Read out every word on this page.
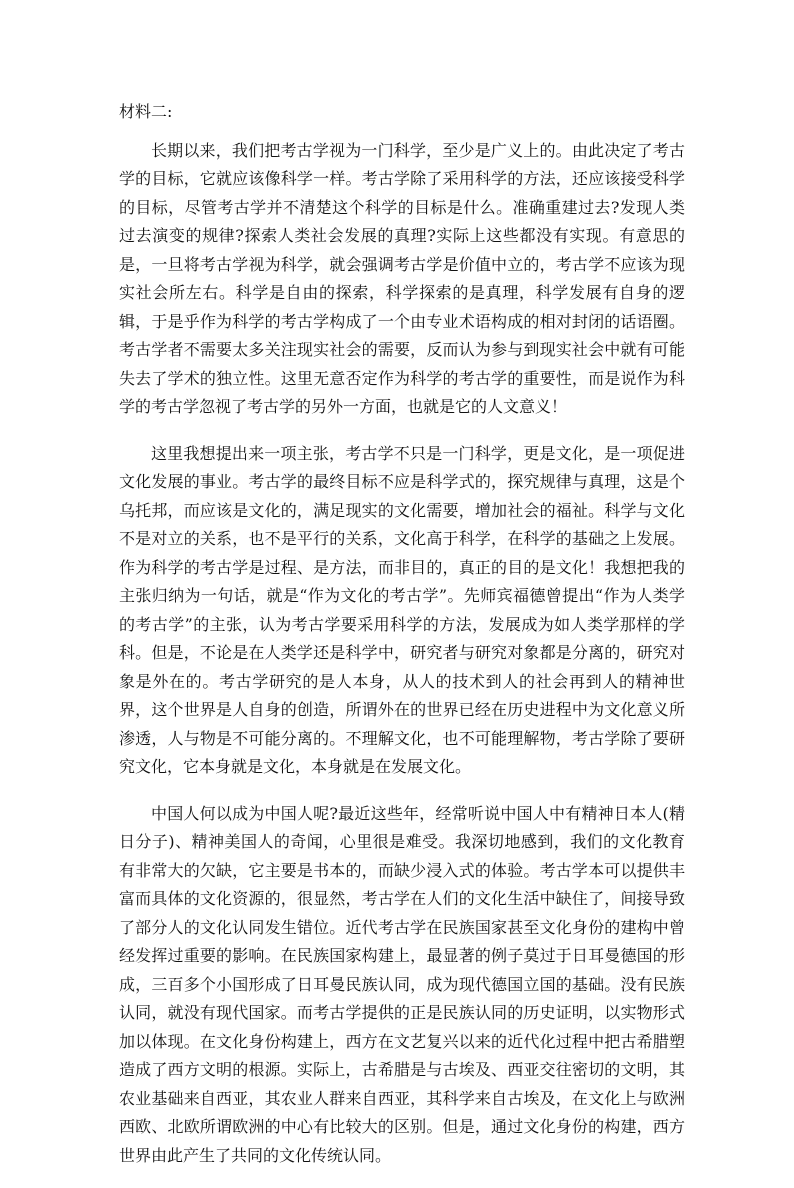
材料二:

长期以来，我们把考古学视为一门科学，至少是广义上的。由此决定了考古学的目标，它就应该像科学一样。考古学除了采用科学的方法，还应该接受科学的目标，尽管考古学并不清楚这个科学的目标是什么。准确重建过去?发现人类过去演变的规律?探索人类社会发展的真理?实际上这些都没有实现。有意思的是，一旦将考古学视为科学，就会强调考古学是价值中立的，考古学不应该为现实社会所左右。科学是自由的探索，科学探索的是真理，科学发展有自身的逻辑，于是乎作为科学的考古学构成了一个由专业术语构成的相对封闭的话语圈。考古学者不需要太多关注现实社会的需要，反而认为参与到现实社会中就有可能失去了学术的独立性。这里无意否定作为科学的考古学的重要性，而是说作为科学的考古学忽视了考古学的另外一方面，也就是它的人文意义！

这里我想提出来一项主张，考古学不只是一门科学，更是文化，是一项促进文化发展的事业。考古学的最终目标不应是科学式的，探究规律与真理，这是个乌托邦，而应该是文化的，满足现实的文化需要，增加社会的福祉。科学与文化不是对立的关系，也不是平行的关系，文化高于科学，在科学的基础之上发展。作为科学的考古学是过程、是方法，而非目的，真正的目的是文化！我想把我的主张归纳为一句话，就是“作为文化的考古学”。先师宾福德曾提出“作为人类学的考古学”的主张，认为考古学要采用科学的方法，发展成为如人类学那样的学科。但是，不论是在人类学还是科学中，研究者与研究对象都是分离的，研究对象是外在的。考古学研究的是人本身，从人的技术到人的社会再到人的精神世界，这个世界是人自身的创造，所谓外在的世界已经在历史进程中为文化意义所渗透，人与物是不可能分离的。不理解文化，也不可能理解物，考古学除了要研究文化，它本身就是文化，本身就是在发展文化。

中国人何以成为中国人呢?最近这些年，经常听说中国人中有精神日本人(精日分子)、精神美国人的奇闻，心里很是难受。我深切地感到，我们的文化教育有非常大的欠缺，它主要是书本的，而缺少浸入式的体验。考古学本可以提供丰富而具体的文化资源的，很显然，考古学在人们的文化生活中缺住了，间接导致了部分人的文化认同发生错位。近代考古学在民族国家甚至文化身份的建构中曾经发挥过重要的影响。在民族国家构建上，最显著的例子莫过于日耳曼德国的形成，三百多个小国形成了日耳曼民族认同，成为现代德国立国的基础。没有民族认同，就没有现代国家。而考古学提供的正是民族认同的历史证明，以实物形式加以体现。在文化身份构建上，西方在文艺复兴以来的近代化过程中把古希腊塑造成了西方文明的根源。实际上，古希腊是与古埃及、西亚交往密切的文明，其农业基础来自西亚，其农业人群来自西亚，其科学来自古埃及，在文化上与欧洲西欧、北欧所谓欧洲的中心有比较大的区别。但是，通过文化身份的构建，西方世界由此产生了共同的文化传统认同。
